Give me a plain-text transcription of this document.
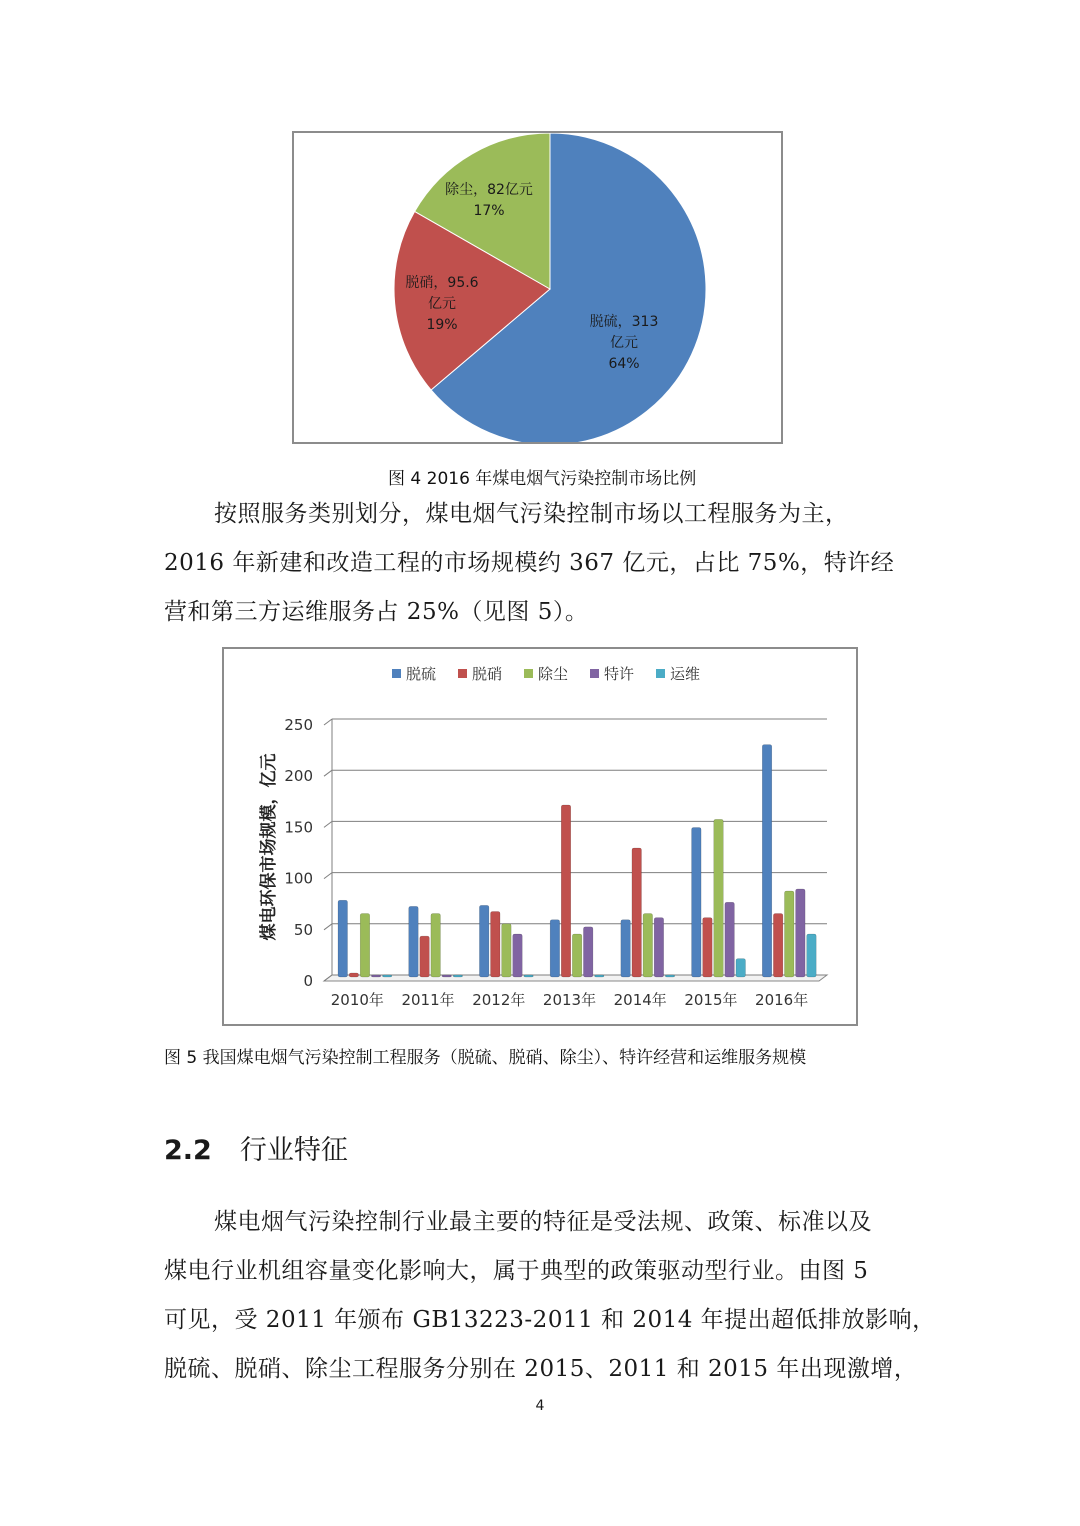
脱硫，313
亿元
64%
脱硝，95.6
亿元
19%
除尘，82亿元
17%
图 4 2016 年煤电烟气污染控制市场比例
按照服务类别划分，煤电烟气污染控制市场以工程服务为主，
2016 年新建和改造工程的市场规模约 367 亿元，占比 75%，特许经
营和第三方运维服务占 25%（见图 5）。
脱硫 脱硝 除尘 特许 运维
0
50
100
150
200
250
煤电环保市场规模，亿元
2010年 2011年 2012年 2013年 2014年 2015年 2016年
图 5 我国煤电烟气污染控制工程服务（脱硫、脱硝、除尘）、特许经营和运维服务规模
2.2 行业特征
煤电烟气污染控制行业最主要的特征是受法规、政策、标准以及
煤电行业机组容量变化影响大，属于典型的政策驱动型行业。由图 5
可见，受 2011 年颁布 GB13223-2011 和 2014 年提出超低排放影响，
脱硫、脱硝、除尘工程服务分别在 2015、2011 和 2015 年出现激增，
4
